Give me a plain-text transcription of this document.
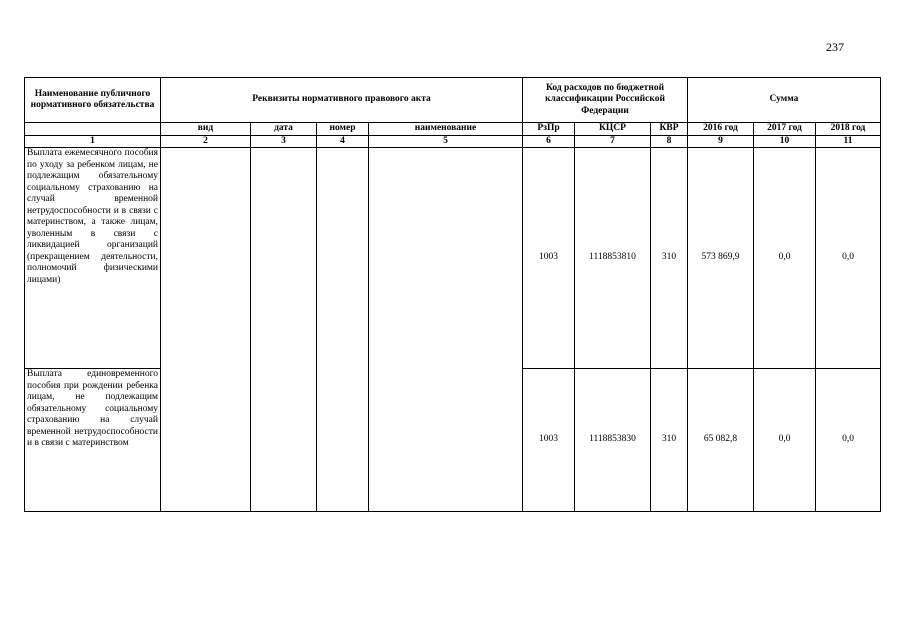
237
Наименование публичного нормативного обязательства	Реквизиты нормативного правового акта				Код расходов по бюджетной классификации Российской Федерации			Сумма		
	вид	дата	номер	наименование	РзПр	КЦСР	КВР	2016 год	2017 год	2018 год
1	2	3	4	5	6	7	8	9	10	11
Выплата ежемесячного пособия по уходу за ребенком лицам, не подлежащим обязательному социальному страхованию на случай временной нетрудоспособности и в связи с материнством, а также лицам, уволенным в связи с ликвидацией организаций (прекращением деятельности, полномочий физическими лицами)					1003	1118853810	310	573 869,9	0,0	0,0
Выплата единовременного пособия при рождении ребенка лицам, не подлежащим обязательному социальному страхованию на случай временной нетрудоспособности и в связи с материнством					1003	1118853830	310	65 082,8	0,0	0,0
